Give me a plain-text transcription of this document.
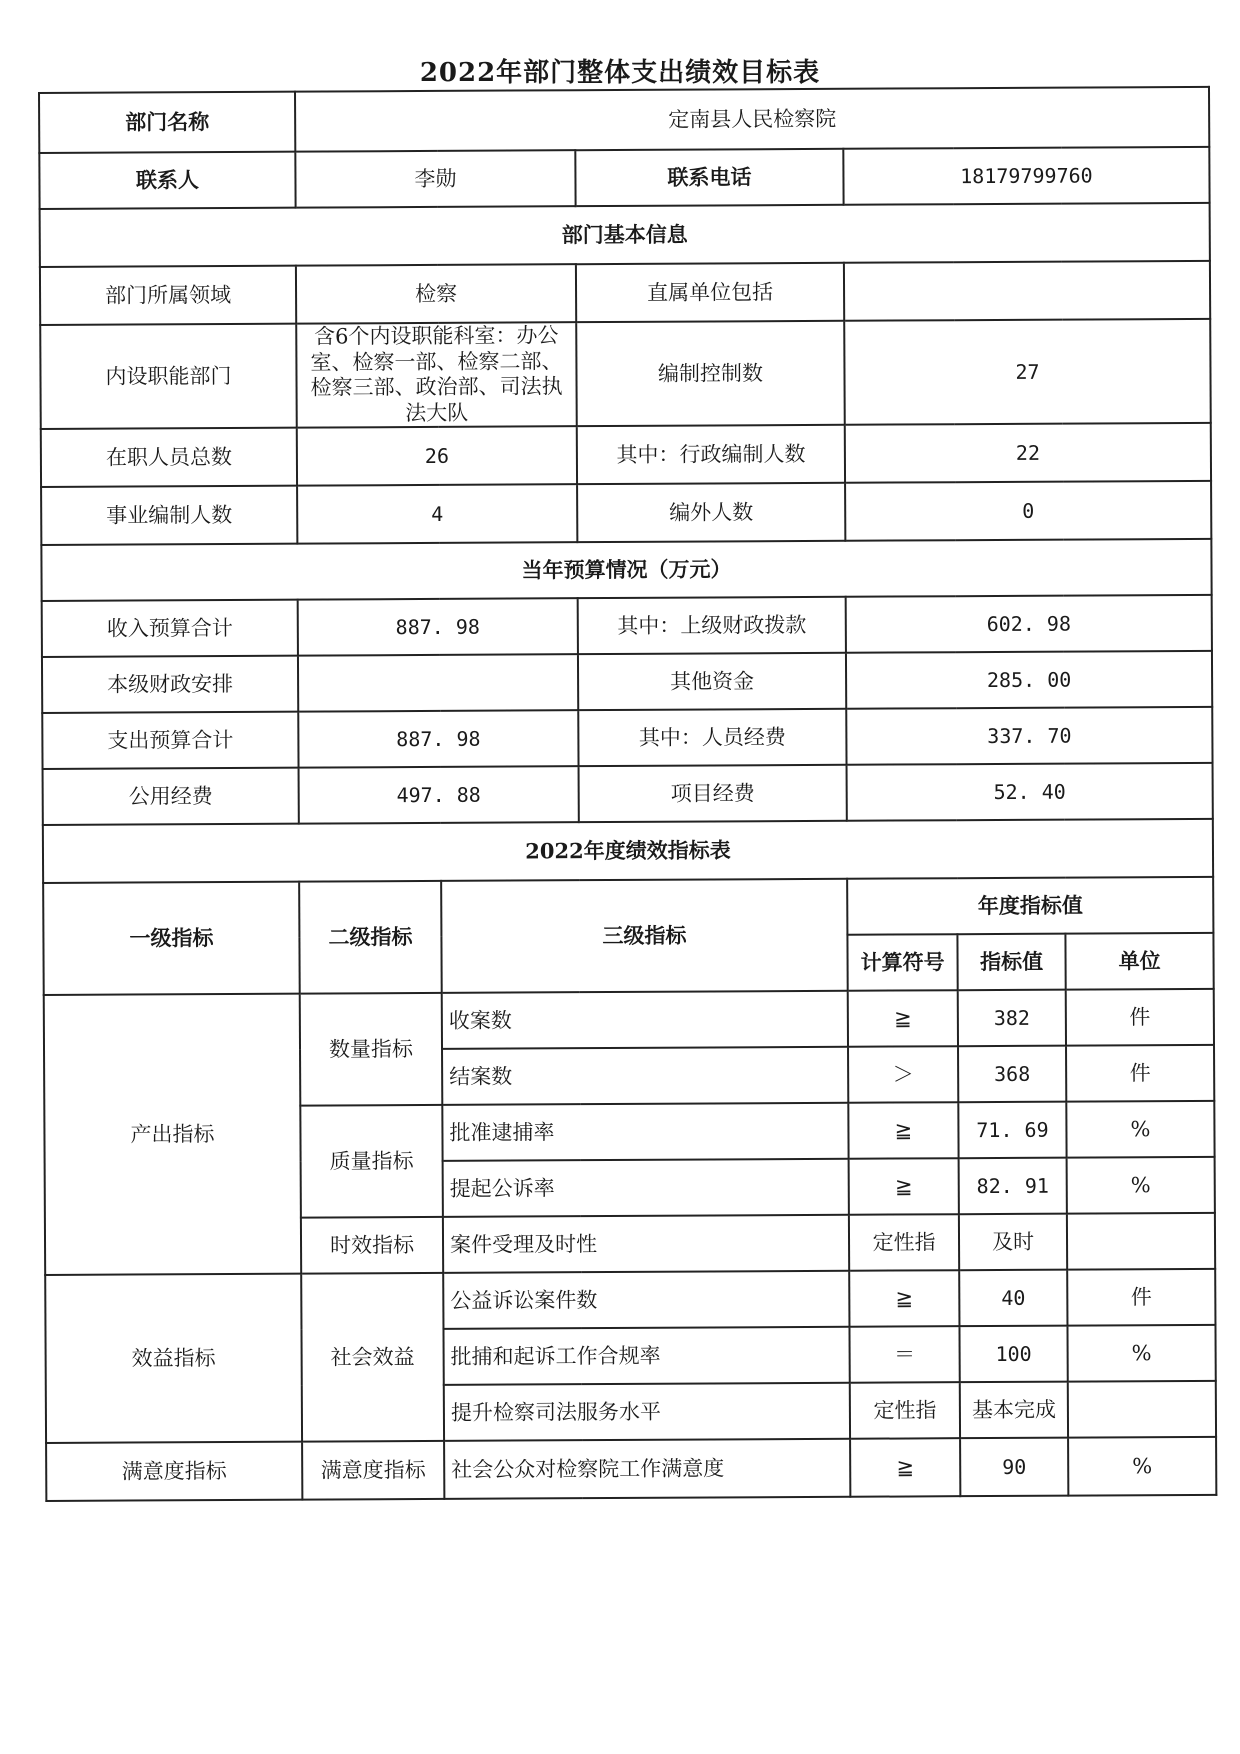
2022年部门整体支出绩效目标表
部门名称	定南县人民检察院					
联系人	李勋		联系电话	18179799760		
部门基本信息						
部门所属领域	检察		直属单位包括			
内设职能部门	含6个内设职能科室：办公室、检察一部、检察二部、检察三部、政治部、司法执法大队		编制控制数	27		
在职人员总数	26		其中：行政编制人数	22		
事业编制人数	4		编外人数	0		
当年预算情况（万元）						
收入预算合计	887. 98		其中：上级财政拨款	602. 98		
本级财政安排			其他资金	285. 00		
支出预算合计	887. 98		其中：人员经费	337. 70		
公用经费	497. 88		项目经费	52. 40		
2022年度绩效指标表						
一级指标	二级指标	三级指标		年度指标值		
				计算符号	指标值	单位
产出指标	数量指标	收案数		≧	382	件
		结案数		＞	368	件
	质量指标	批准逮捕率		≧	71. 69	%
		提起公诉率		≧	82. 91	%
	时效指标	案件受理及时性		定性指	及时	
效益指标	社会效益	公益诉讼案件数		≧	40	件
		批捕和起诉工作合规率		＝	100	%
		提升检察司法服务水平		定性指	基本完成	
满意度指标	满意度指标	社会公众对检察院工作满意度		≧	90	%
